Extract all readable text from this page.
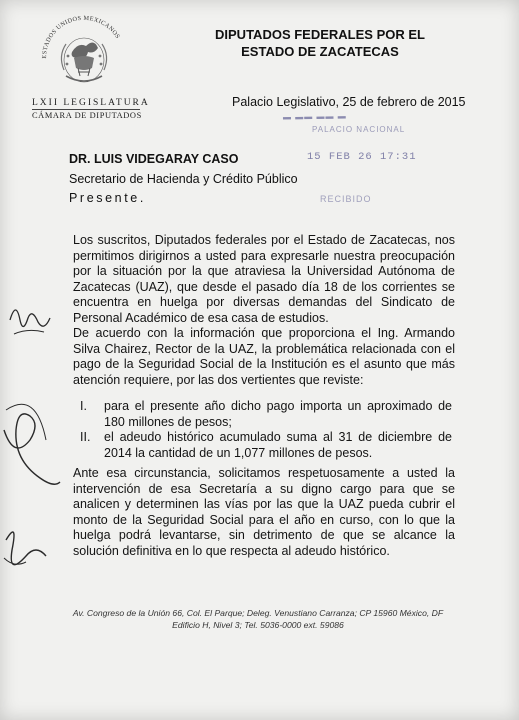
ESTADOS UNIDOS MEXICANOS
LXII LEGISLATURA
CÁMARA DE DIPUTADOS
DIPUTADOS FEDERALES POR EL
ESTADO DE ZACATECAS
Palacio Legislativo, 25 de febrero de 2015
▬ ▬▬ ▬▬ ▬
PALACIO NACIONAL
15 FEB 26 17:31
RECIBIDO
DR. LUIS VIDEGARAY CASO
Secretario de Hacienda y Crédito Público
Presente.
Los suscritos, Diputados federales por el Estado de Zacatecas, nos permitimos dirigirnos a usted para expresarle nuestra preocupación por la situación por la que atraviesa la Universidad Autónoma de Zacatecas (UAZ), que desde el pasado día 18 de los corrientes se encuentra en huelga por diversas demandas del Sindicato de Personal Académico de esa casa de estudios.
De acuerdo con la información que proporciona el Ing. Armando Silva Chairez, Rector de la UAZ, la problemática relacionada con el pago de la Seguridad Social de la Institución es el asunto que más atención requiere, por las dos vertientes que reviste:
I. para el presente año dicho pago importa un aproximado de 180 millones de pesos;
II. el adeudo histórico acumulado suma al 31 de diciembre de 2014 la cantidad de un 1,077 millones de pesos.
Ante esa circunstancia, solicitamos respetuosamente a usted la intervención de esa Secretaría a su digno cargo para que se analicen y determinen las vías por las que la UAZ pueda cubrir el monto de la Seguridad Social para el año en curso, con lo que la huelga podrá levantarse, sin detrimento de que se alcance la solución definitiva en lo que respecta al adeudo histórico.
Av. Congreso de la Unión 66, Col. El Parque; Deleg. Venustiano Carranza; CP 15960 México, DF
Edificio H, Nivel 3; Tel. 5036-0000 ext. 59086
